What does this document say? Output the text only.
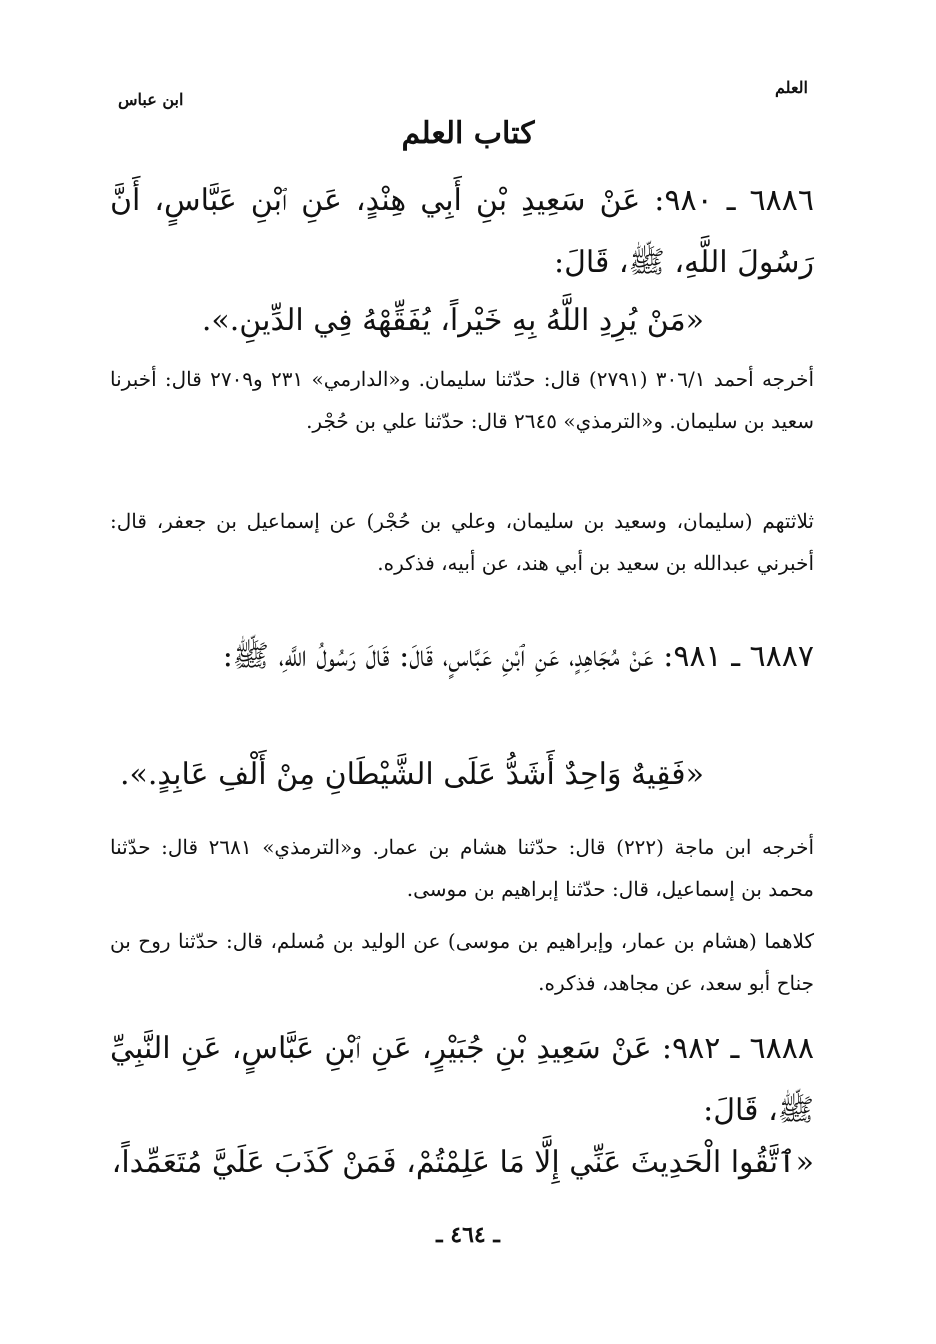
العلم
ابن عباس
كتاب العلم
٦٨٨٦ ـ ٩٨٠: عَنْ سَعِيدِ بْنِ أَبِي هِنْدٍ، عَنِ ٱبْنِ عَبَّاسٍ، أَنَّ رَسُولَ اللَّهِ، ﷺ، قَالَ:
«مَنْ يُرِدِ اللَّهُ بِهِ خَيْراً، يُفَقِّهْهُ فِي الدِّينِ.».
أخرجه أحمد ٣٠٦/١ (٢٧٩١) قال: حدّثنا سليمان. و«الدارمي» ٢٣١ و٢٧٠٩ قال: أخبرنا سعيد بن سليمان. و«الترمذي» ٢٦٤٥ قال: حدّثنا علي بن حُجْر.
ثلاثتهم (سليمان، وسعيد بن سليمان، وعلي بن حُجْر) عن إسماعيل بن جعفر، قال: أخبرني عبدالله بن سعيد بن أبي هند، عن أبيه، فذكره.
٦٨٨٧ ـ ٩٨١: عَنْ مُجَاهِدٍ، عَنِ ٱبْنِ عَبَّاسٍ، قَالَ: قَالَ رَسُولُ اللَّهِ، ﷺ:
«فَقِيهٌ وَاحِدٌ أَشَدُّ عَلَى الشَّيْطَانِ مِنْ أَلْفِ عَابِدٍ.».
أخرجه ابن ماجة (٢٢٢) قال: حدّثنا هشام بن عمار. و«الترمذي» ٢٦٨١ قال: حدّثنا محمد بن إسماعيل، قال: حدّثنا إبراهيم بن موسى.
كلاهما (هشام بن عمار، وإبراهيم بن موسى) عن الوليد بن مُسلم، قال: حدّثنا روح بن جناح أبو سعد، عن مجاهد، فذكره.
٦٨٨٨ ـ ٩٨٢: عَنْ سَعِيدِ بْنِ جُبَيْرٍ، عَنِ ٱبْنِ عَبَّاسٍ، عَنِ النَّبِيِّ ﷺ، قَالَ:
«ٱتَّقُوا الْحَدِيثَ عَنِّي إِلَّا مَا عَلِمْتُمْ، فَمَنْ كَذَبَ عَلَيَّ مُتَعَمِّداً،
ـ ٤٦٤ ـ
